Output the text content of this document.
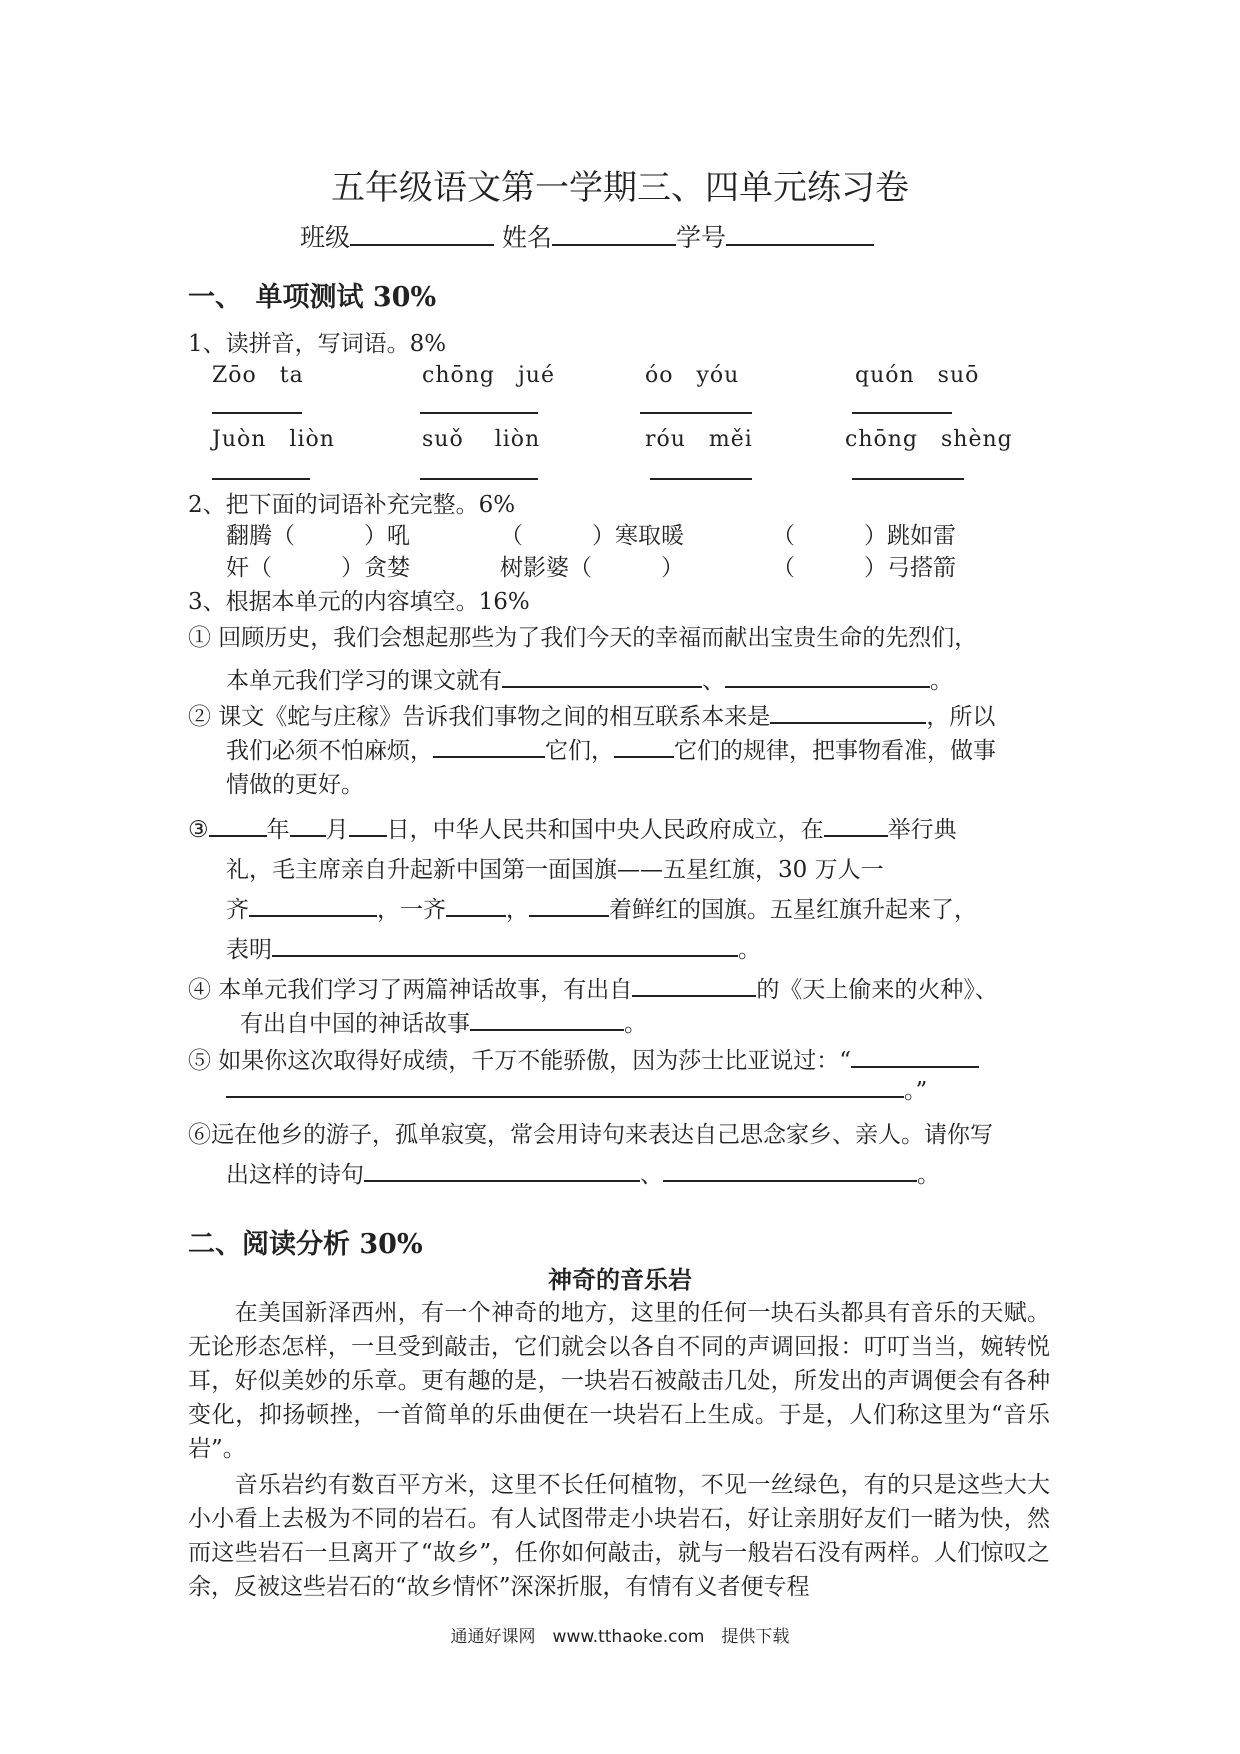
五年级语文第一学期三、四单元练习卷
班级	姓名	学号
一、　单项测试 30%
1、读拼音，写词语。8%
Zōo　ta	chōng　jué	óo　yóu	quón　suō
Juòn　liòn	suǒ　 liòn	róu　měi	chōng　shèng
2、把下面的词语补充完整。6%
翻腾（　　　）吼	（　　　）寒取暖	（　　　）跳如雷
奸（　　　）贪婪	树影婆（　　　）	（　　　）弓搭箭
3、根据本单元的内容填空。16%
① 回顾历史，我们会想起那些为了我们今天的幸福而献出宝贵生命的先烈们，
本单元我们学习的课文就有	、	。
② 课文《蛇与庄稼》告诉我们事物之间的相互联系本来是	，所以
我们必须不怕麻烦，	它们，	它们的规律，把事物看准，做事
情做的更好。
③	年 月 日，中华人民共和国中央人民政府成立，在	举行典
礼，毛主席亲自升起新中国第一面国旗——五星红旗，30 万人一
齐	，一齐	，	着鲜红的国旗。五星红旗升起来了，
表明	。
④ 本单元我们学习了两篇神话故事，有出自	的《天上偷来的火种》、
有出自中国的神话故事	。
⑤ 如果你这次取得好成绩，千万不能骄傲，因为莎士比亚说过：“
。”
⑥远在他乡的游子，孤单寂寞，常会用诗句来表达自己思念家乡、亲人。请你写
出这样的诗句	、	。
二、阅读分析 30%
神奇的音乐岩
　　在美国新泽西州，有一个神奇的地方，这里的任何一块石头都具有音乐的天赋。无论形态怎样，一旦受到敲击，它们就会以各自不同的声调回报：叮叮当当，婉转悦耳，好似美妙的乐章。更有趣的是，一块岩石被敲击几处，所发出的声调便会有各种变化，抑扬顿挫，一首简单的乐曲便在一块岩石上生成。于是，人们称这里为“音乐岩”。
　　音乐岩约有数百平方米，这里不长任何植物，不见一丝绿色，有的只是这些大大小小看上去极为不同的岩石。有人试图带走小块岩石，好让亲朋好友们一睹为快，然而这些岩石一旦离开了“故乡”，任你如何敲击，就与一般岩石没有两样。人们惊叹之余，反被这些岩石的“故乡情怀”深深折服，有情有义者便专程
通通好课网　www.tthaoke.com　提供下载
